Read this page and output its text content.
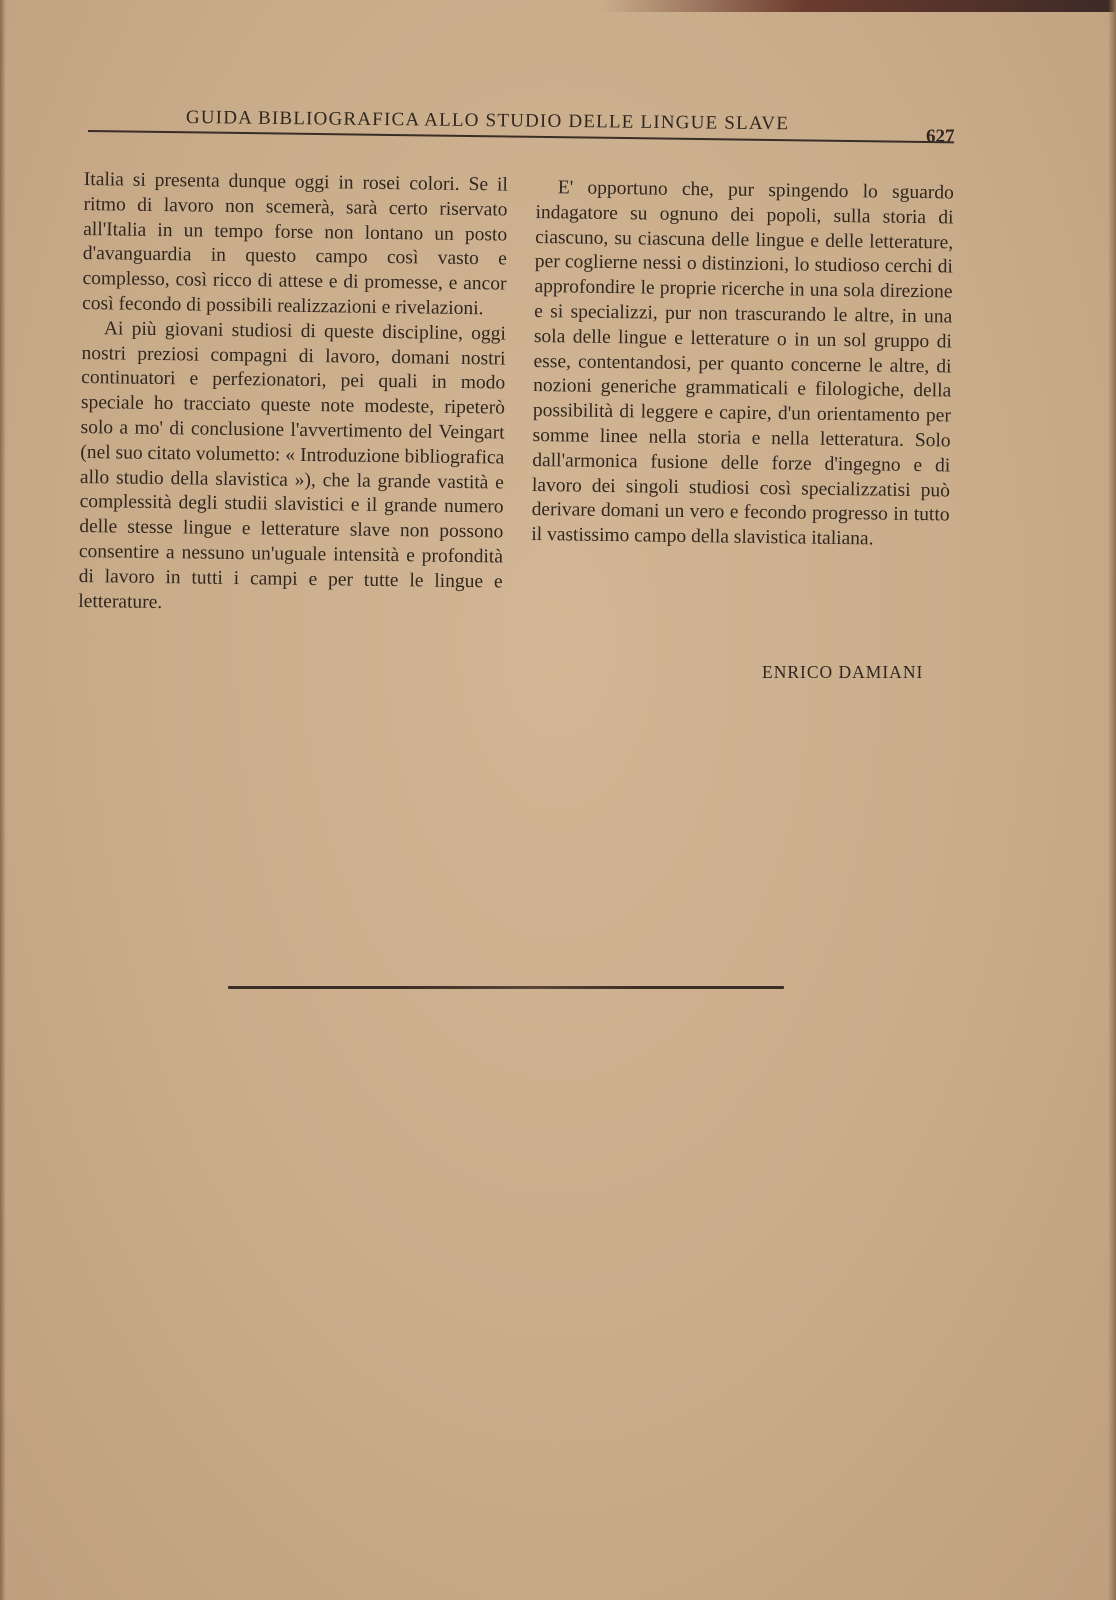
GUIDA BIBLIOGRAFICA ALLO STUDIO DELLE LINGUE SLAVE
627

Italia si presenta dunque oggi in rosei colori. Se il ritmo di lavoro non scemerà, sarà certo riservato all'Italia in un tempo forse non lontano un posto d'avanguardia in questo campo così vasto e complesso, così ricco di attese e di promesse, e ancor così fecondo di possibili realizzazioni e rivelazioni.

Ai più giovani studiosi di queste discipline, oggi nostri preziosi compagni di lavoro, domani nostri continuatori e perfezionatori, pei quali in modo speciale ho tracciato queste note modeste, ripeterò solo a mo' di conclusione l'avvertimento del Veingart (nel suo citato volumetto: « Introduzione bibliografica allo studio della slavistica »), che la grande vastità e complessità degli studii slavistici e il grande numero delle stesse lingue e letterature slave non possono consentire a nessuno un'uguale intensità e profondità di lavoro in tutti i campi e per tutte le lingue e letterature.

E' opportuno che, pur spingendo lo sguardo indagatore su ognuno dei popoli, sulla storia di ciascuno, su ciascuna delle lingue e delle letterature, per coglierne nessi o distinzioni, lo studioso cerchi di approfondire le proprie ricerche in una sola direzione e si specializzi, pur non trascurando le altre, in una sola delle lingue e letterature o in un sol gruppo di esse, contentandosi, per quanto concerne le altre, di nozioni generiche grammaticali e filologiche, della possibilità di leggere e capire, d'un orientamento per somme linee nella storia e nella letteratura. Solo dall'armonica fusione delle forze d'ingegno e di lavoro dei singoli studiosi così specializzatisi può derivare domani un vero e fecondo progresso in tutto il vastissimo campo della slavistica italiana.

ENRICO DAMIANI
